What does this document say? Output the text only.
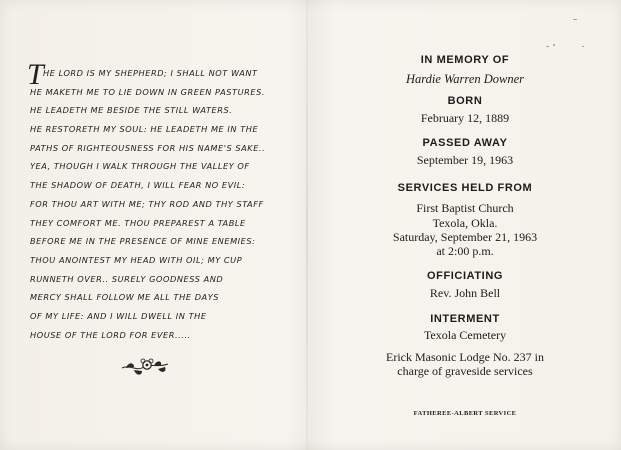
T
HE LORD IS MY SHEPHERD; I SHALL NOT WANT
HE MAKETH ME TO LIE DOWN IN GREEN PASTURES.
HE LEADETH ME BESIDE THE STILL WATERS.
HE RESTORETH MY SOUL: HE LEADETH ME IN THE
PATHS OF RIGHTEOUSNESS FOR HIS NAME'S SAKE..
YEA, THOUGH I WALK THROUGH THE VALLEY OF
THE SHADOW OF DEATH, I WILL FEAR NO EVIL:
FOR THOU ART WITH ME; THY ROD AND THY STAFF
THEY COMFORT ME. THOU PREPAREST A TABLE
BEFORE ME IN THE PRESENCE OF MINE ENEMIES:
THOU ANOINTEST MY HEAD WITH OIL; MY CUP
RUNNETH OVER.. SURELY GOODNESS AND
MERCY SHALL FOLLOW ME ALL THE DAYS
OF MY LIFE: AND I WILL DWELL IN THE
HOUSE OF THE LORD FOR EVER.....
IN MEMORY OF
Hardie Warren Downer
BORN
February 12, 1889
PASSED AWAY
September 19, 1963
SERVICES HELD FROM
First Baptist Church
Texola, Okla.
Saturday, September 21, 1963
at 2:00 p.m.
OFFICIATING
Rev. John Bell
INTERMENT
Texola Cemetery
Erick Masonic Lodge No. 237 in
charge of graveside services
FATHEREE-ALBERT SERVICE
